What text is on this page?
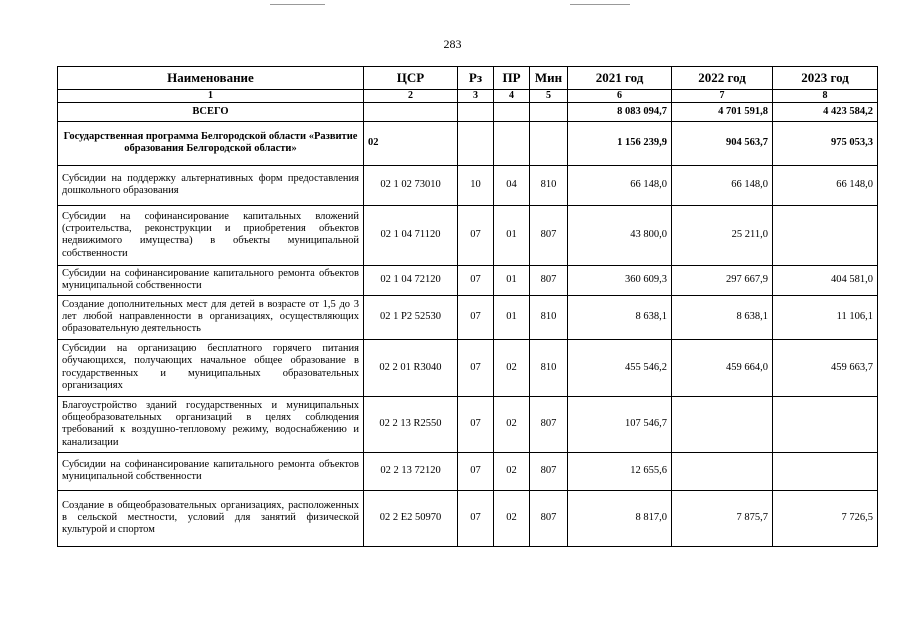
283
Наименование	ЦСР	Рз	ПР	Мин	2021 год	2022 год	2023 год
1	2	3	4	5	6	7	8
ВСЕГО					8 083 094,7	4 701 591,8	4 423 584,2
Государственная программа Белгородской области «Развитие образования Белгородской области»	02				1 156 239,9	904 563,7	975 053,3
Субсидии на поддержку альтернативных форм предоставления дошкольного образования	02 1 02 73010	10	04	810	66 148,0	66 148,0	66 148,0
Субсидии на софинансирование капитальных вложений (строительства, реконструкции и приобретения объектов недвижимого имущества) в объекты муниципальной собственности	02 1 04 71120	07	01	807	43 800,0	25 211,0	
Субсидии на софинансирование капитального ремонта объектов муниципальной собственности	02 1 04 72120	07	01	807	360 609,3	297 667,9	404 581,0
Создание дополнительных мест для детей в возрасте от 1,5 до 3 лет любой направленности в организациях, осуществляющих образовательную деятельность	02 1 P2 52530	07	01	810	8 638,1	8 638,1	11 106,1
Субсидии на организацию бесплатного горячего питания обучающихся, получающих начальное общее образование в государственных и муниципальных образовательных организациях	02 2 01 R3040	07	02	810	455 546,2	459 664,0	459 663,7
Благоустройство зданий государственных и муниципальных общеобразовательных организаций в целях соблюдения требований к воздушно-тепловому режиму, водоснабжению и канализации	02 2 13 R2550	07	02	807	107 546,7		
Субсидии на софинансирование капитального ремонта объектов муниципальной собственности	02 2 13 72120	07	02	807	12 655,6		
Создание в общеобразовательных организациях, расположенных в сельской местности, условий для занятий физической культурой и спортом	02 2 E2 50970	07	02	807	8 817,0	7 875,7	7 726,5
